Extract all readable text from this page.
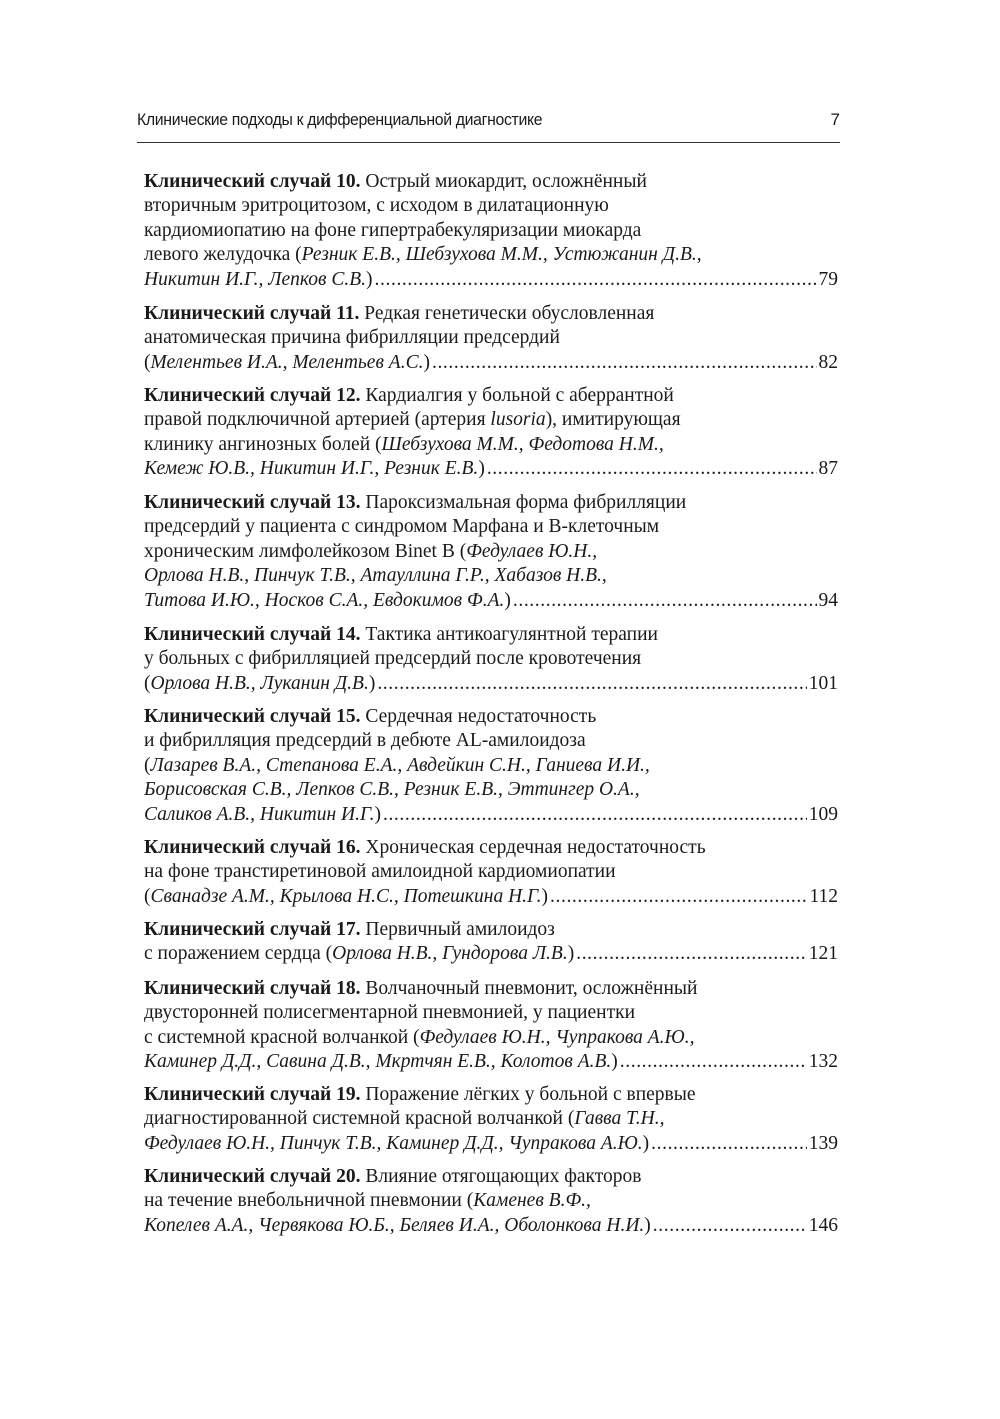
Клинические подходы к дифференциальной диагностике	7
Клинический случай 10. Острый миокардит, осложнённый
вторичным эритроцитозом, с исходом в дилатационную
кардиомиопатию на фоне гипертрабекуляризации миокарда
левого желудочка (Резник Е.В., Шебзухова М.М., Устюжанин Д.В.,
Никитин И.Г., Лепков С.В.) .....	79
Клинический случай 11. Редкая генетически обусловленная
анатомическая причина фибрилляции предсердий
(Мелентьев И.А., Мелентьев А.С.) .....	82
Клинический случай 12. Кардиалгия у больной с аберрантной
правой подключичной артерией (артерия lusoria), имитирующая
клинику ангинозных болей (Шебзухова М.М., Федотова Н.М.,
Кемеж Ю.В., Никитин И.Г., Резник Е.В.) .....	87
Клинический случай 13. Пароксизмальная форма фибрилляции
предсердий у пациента с синдромом Марфана и B-клеточным
хроническим лимфолейкозом Binet B (Федулаев Ю.Н.,
Орлова Н.В., Пинчук Т.В., Атауллина Г.Р., Хабазов Н.В.,
Титова И.Ю., Носков С.А., Евдокимов Ф.А.) .....	94
Клинический случай 14. Тактика антикоагулянтной терапии
у больных с фибрилляцией предсердий после кровотечения
(Орлова Н.В., Луканин Д.В.) .....	101
Клинический случай 15. Сердечная недостаточность
и фибрилляция предсердий в дебюте AL-амилоидоза
(Лазарев В.А., Степанова Е.А., Авдейкин С.Н., Ганиева И.И.,
Борисовская С.В., Лепков С.В., Резник Е.В., Эттингер О.А.,
Саликов А.В., Никитин И.Г.) .....	109
Клинический случай 16. Хроническая сердечная недостаточность
на фоне транстиретиновой амилоидной кардиомиопатии
(Сванадзе А.М., Крылова Н.С., Потешкина Н.Г.) .....	112
Клинический случай 17. Первичный амилоидоз
с поражением сердца (Орлова Н.В., Гундорова Л.В.) .....	121
Клинический случай 18. Волчаночный пневмонит, осложнённый
двусторонней полисегментарной пневмонией, у пациентки
с системной красной волчанкой (Федулаев Ю.Н., Чупракова А.Ю.,
Каминер Д.Д., Савина Д.В., Мкртчян Е.В., Колотов А.В.) .....	132
Клинический случай 19. Поражение лёгких у больной с впервые
диагностированной системной красной волчанкой (Гавва Т.Н.,
Федулаев Ю.Н., Пинчук Т.В., Каминер Д.Д., Чупракова А.Ю.) .....	139
Клинический случай 20. Влияние отягощающих факторов
на течение внебольничной пневмонии (Каменев В.Ф.,
Копелев А.А., Червякова Ю.Б., Беляев И.А., Оболонкова Н.И.) .....	146
